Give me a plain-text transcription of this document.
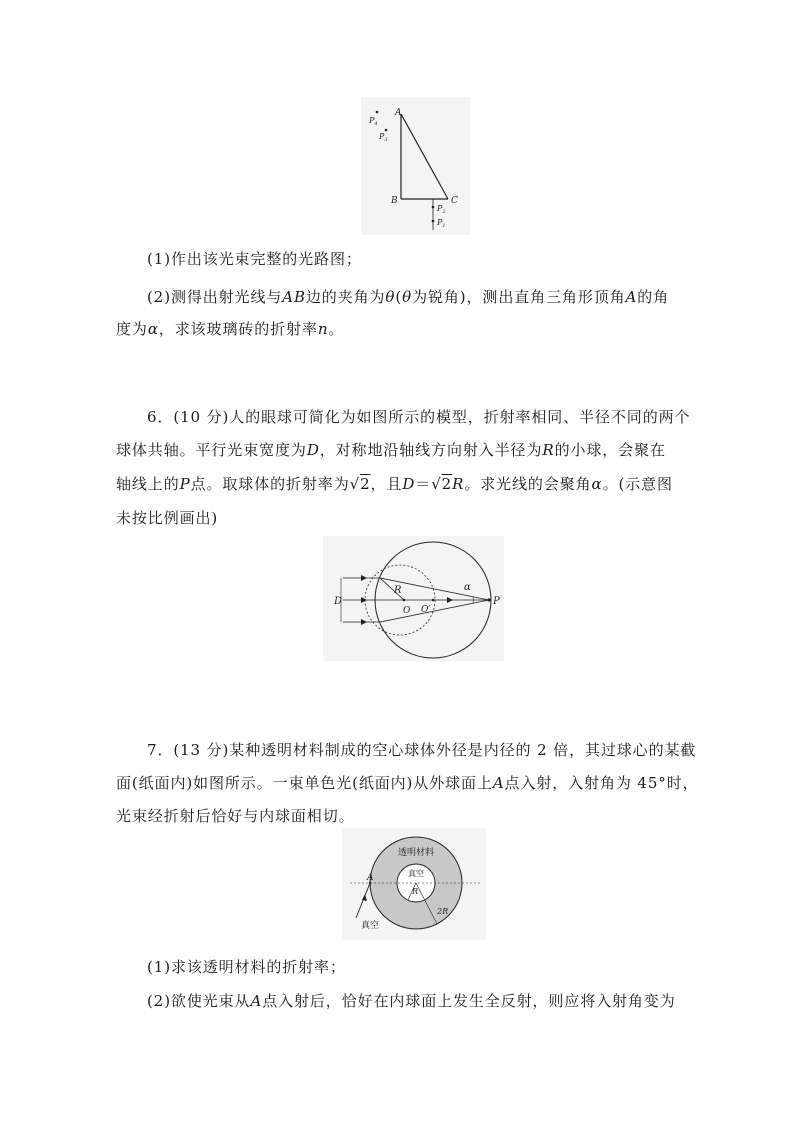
A
B	C
$P_4$
$P_3$
$P_2$
$P_1$
(1)作出该光束完整的光路图；
(2)测得出射光线与AB边的夹角为θ(θ为锐角)，测出直角三角形顶角A的角
度为α，求该玻璃砖的折射率n。
6．(10 分)人的眼球可简化为如图所示的模型，折射率相同、半径不同的两个
球体共轴。平行光束宽度为D，对称地沿轴线方向射入半径为R的小球，会聚在
轴线上的P点。取球体的折射率为√2，且D＝√2R。求光线的会聚角α。(示意图
未按比例画出)
D
R
O O′
P
α
7．(13 分)某种透明材料制成的空心球体外径是内径的 2 倍，其过球心的某截
面(纸面内)如图所示。一束单色光(纸面内)从外球面上A点入射，入射角为 45°时，
光束经折射后恰好与内球面相切。
A
透明材料
真空
R
2R
真空
(1)求该透明材料的折射率；
(2)欲使光束从A点入射后，恰好在内球面上发生全反射，则应将入射角变为
